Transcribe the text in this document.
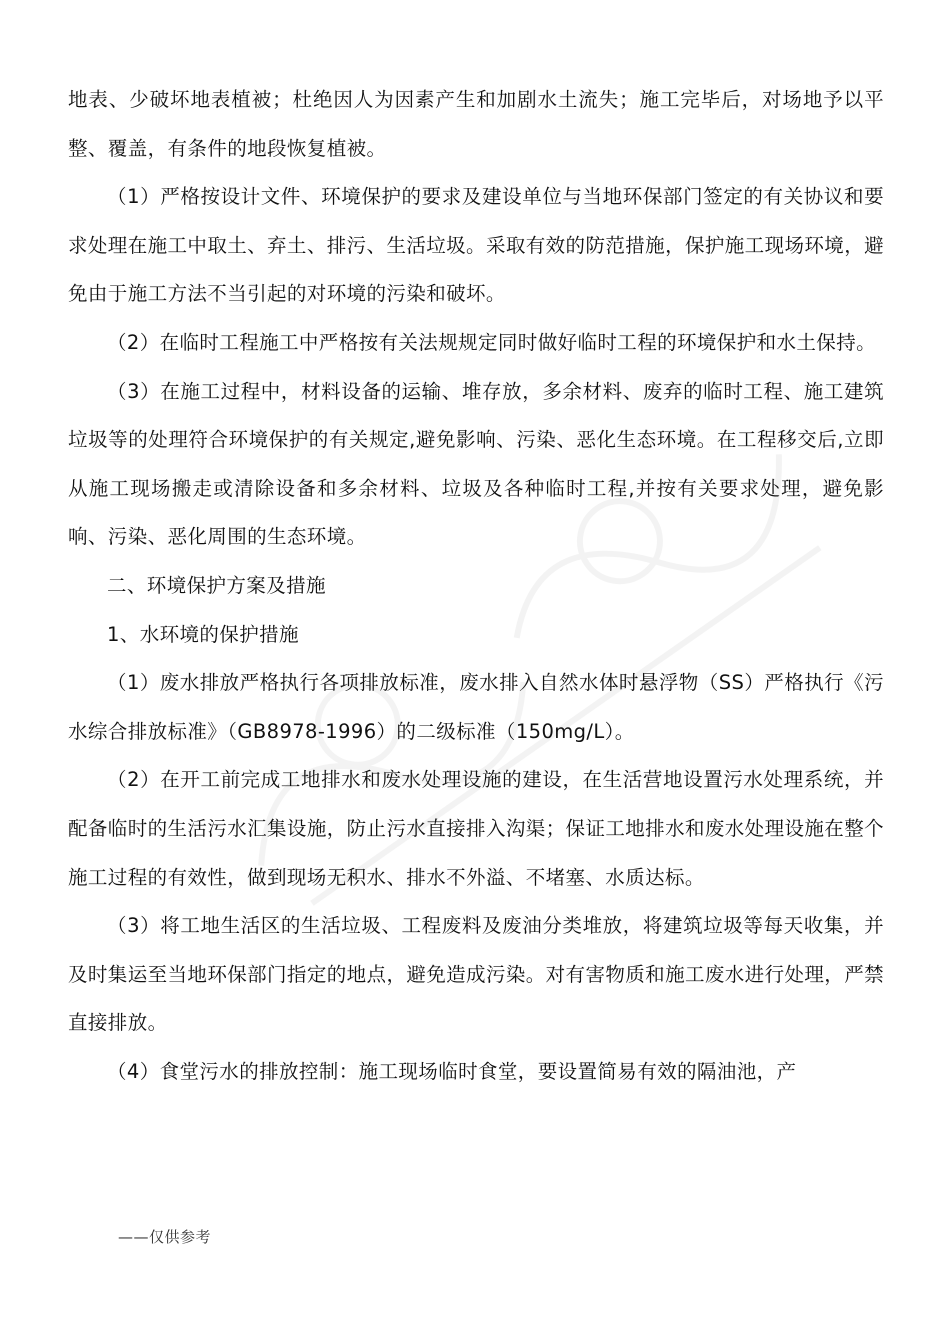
地表、少破坏地表植被；杜绝因人为因素产生和加剧水土流失；施工完毕后，对场地予以平整、覆盖，有条件的地段恢复植被。

（1）严格按设计文件、环境保护的要求及建设单位与当地环保部门签定的有关协议和要求处理在施工中取土、弃土、排污、生活垃圾。采取有效的防范措施，保护施工现场环境，避免由于施工方法不当引起的对环境的污染和破坏。

（2）在临时工程施工中严格按有关法规规定同时做好临时工程的环境保护和水土保持。

（3）在施工过程中，材料设备的运输、堆存放，多余材料、废弃的临时工程、施工建筑垃圾等的处理符合环境保护的有关规定,避免影响、污染、恶化生态环境。在工程移交后,立即从施工现场搬走或清除设备和多余材料、垃圾及各种临时工程,并按有关要求处理，避免影响、污染、恶化周围的生态环境。

二、环境保护方案及措施

1、水环境的保护措施

（1）废水排放严格执行各项排放标准，废水排入自然水体时悬浮物（SS）严格执行《污水综合排放标准》（GB8978-1996）的二级标准（150mg/L）。

（2）在开工前完成工地排水和废水处理设施的建设，在生活营地设置污水处理系统，并配备临时的生活污水汇集设施，防止污水直接排入沟渠；保证工地排水和废水处理设施在整个施工过程的有效性，做到现场无积水、排水不外溢、不堵塞、水质达标。

（3）将工地生活区的生活垃圾、工程废料及废油分类堆放，将建筑垃圾等每天收集，并及时集运至当地环保部门指定的地点，避免造成污染。对有害物质和施工废水进行处理，严禁直接排放。

（4）食堂污水的排放控制：施工现场临时食堂，要设置简易有效的隔油池，产

——仅供参考
